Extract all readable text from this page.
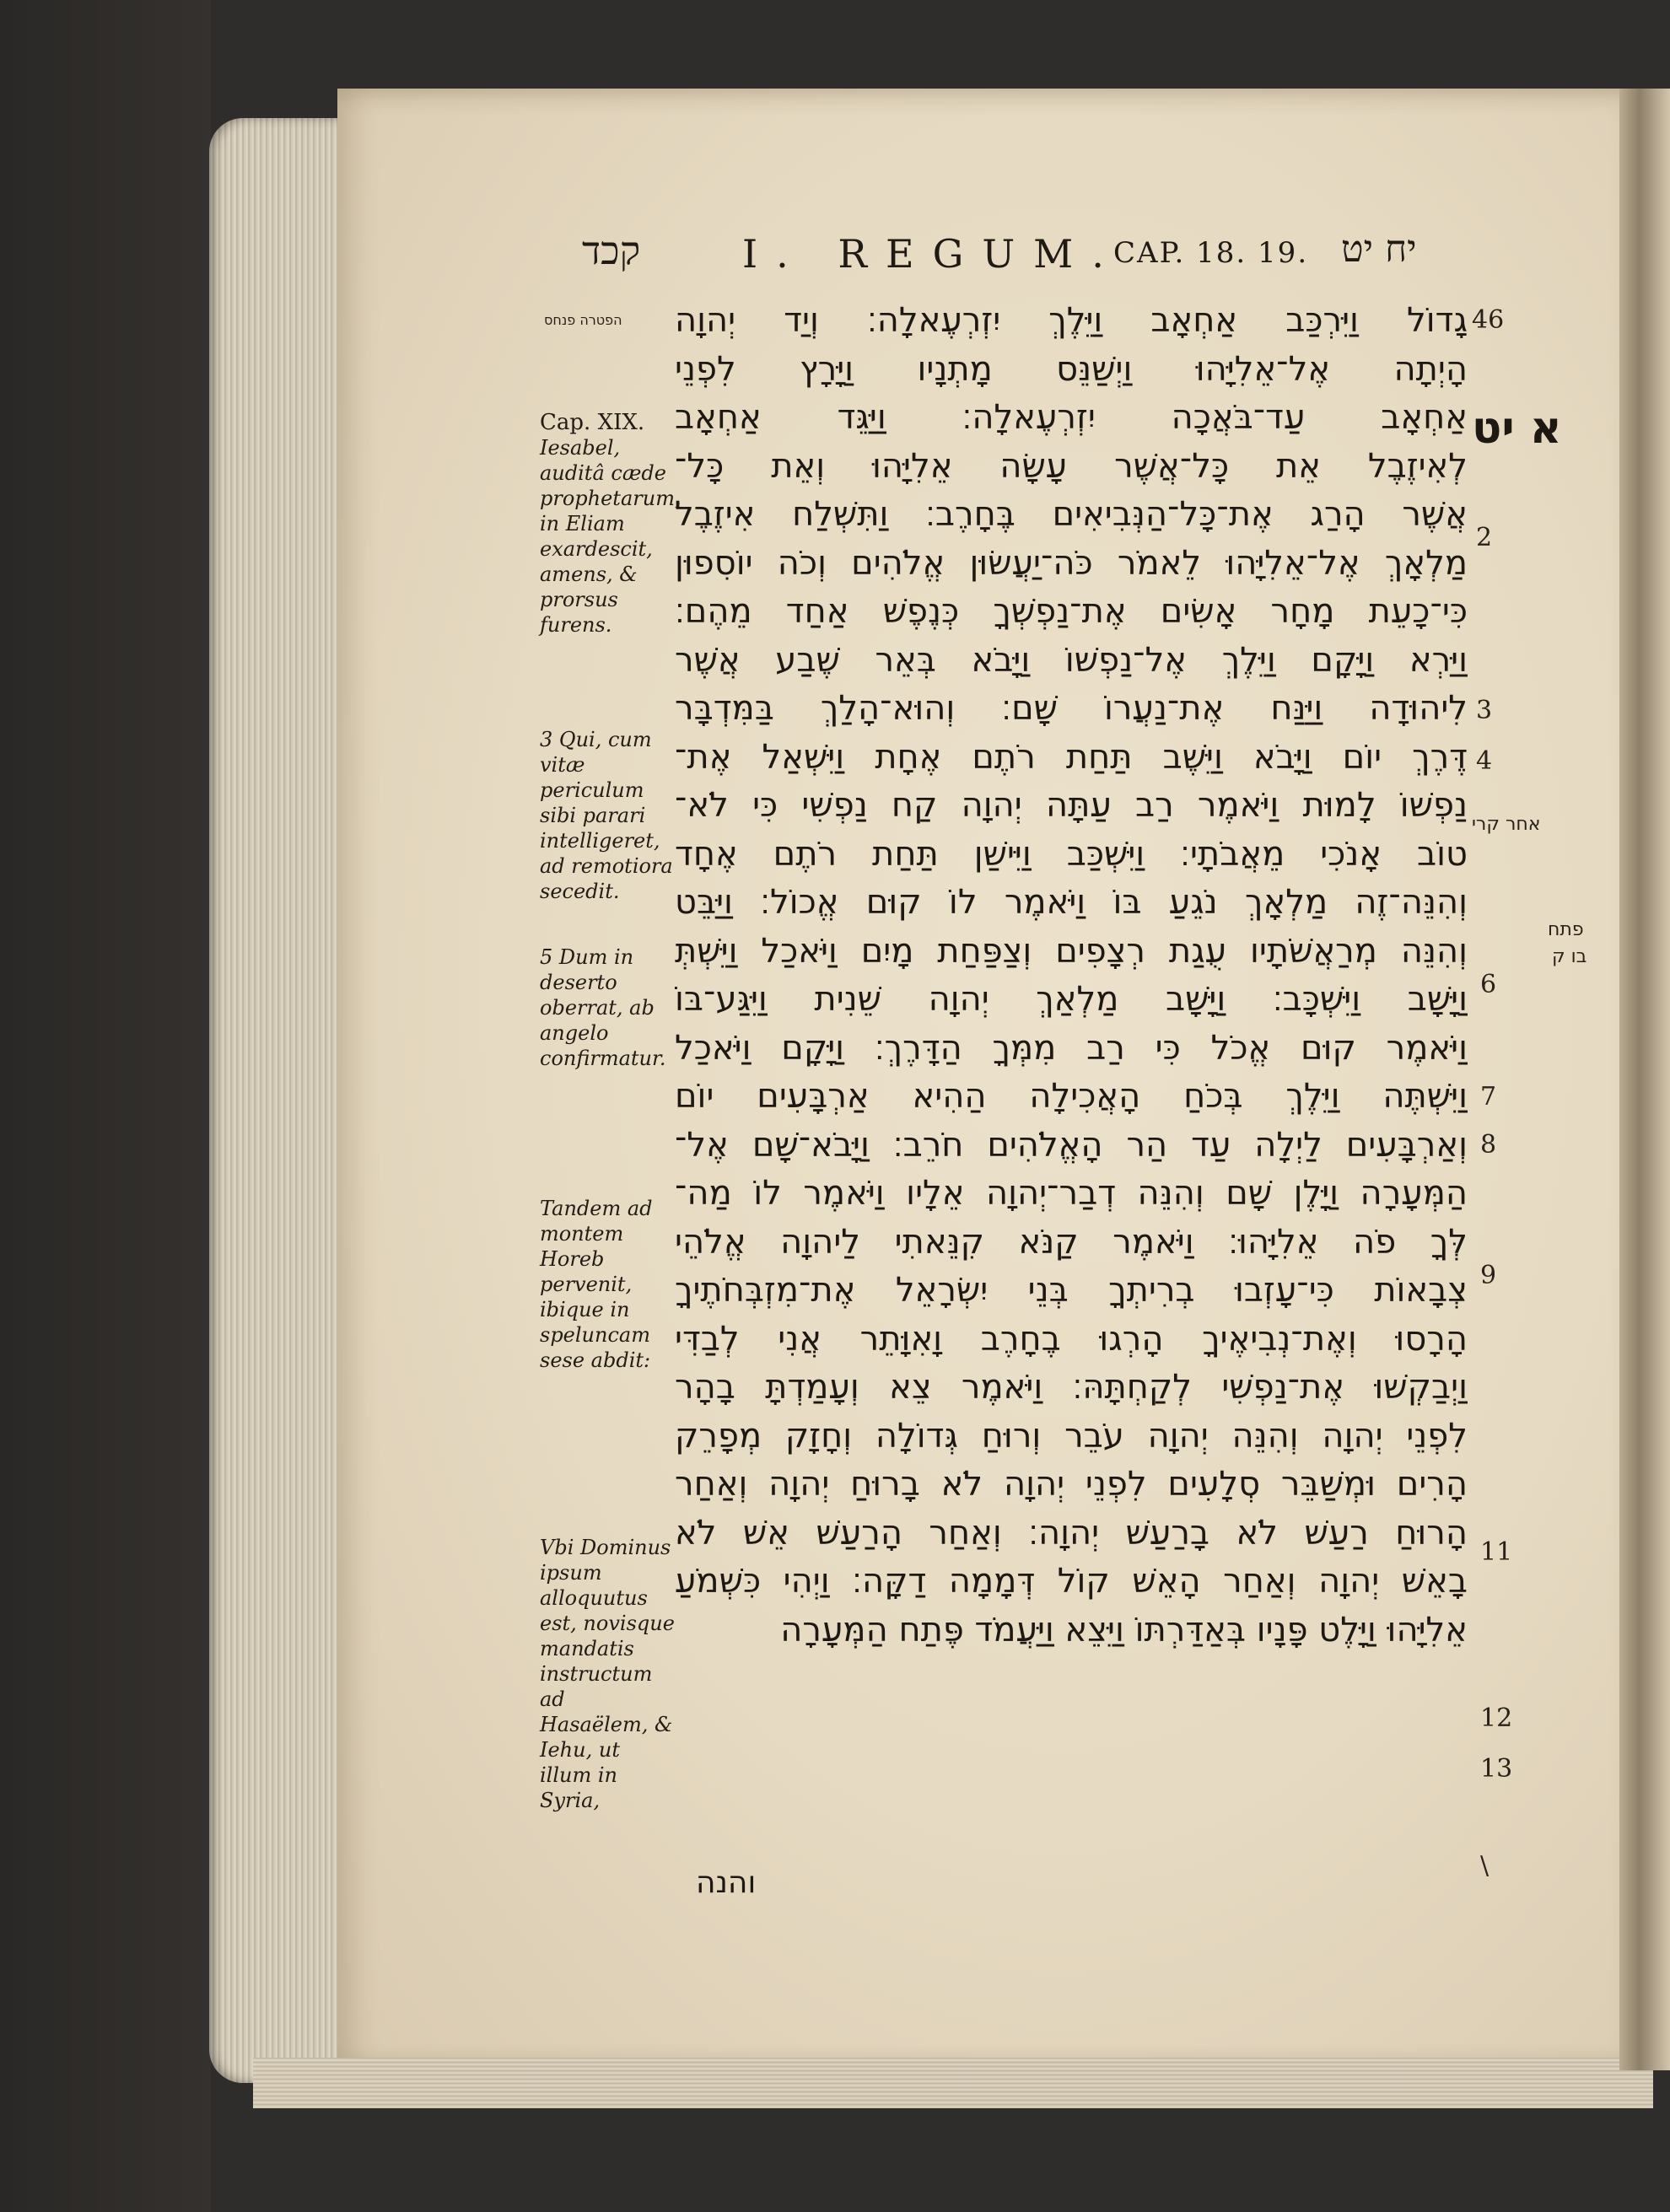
קכד	I. REGUM.
CAP. 18. 19. יח יט
הפטרה פנחס
א יט
גָדוֹל וַיִּרְכַּב אַחְאָב וַיֵּלֶךְ יִזְרְעֶאלָה׃ וְיַד יְהוָה
הָיְתָה אֶל־אֵלִיָּהוּ וַיְשַׁנֵּס מָתְנָיו וַיָּרָץ לִפְנֵי
אַחְאָב עַד־בֹּאֲכָה יִזְרְעֶאלָה׃ וַיַּגֵּד אַחְאָב
לְאִיזֶבֶל אֵת כָּל־אֲשֶׁר עָשָׂה אֵלִיָּהוּ וְאֵת כָּל־
אֲשֶׁר הָרַג אֶת־כָּל־הַנְּבִיאִים בֶּחָרֶב׃ וַתִּשְׁלַח אִיזֶבֶל
מַלְאָךְ אֶל־אֵלִיָּהוּ לֵאמֹר כֹּה־יַעֲשׂוּן אֱלֹהִים וְכֹה יוֹסִפוּן
כִּי־כָעֵת מָחָר אָשִׂים אֶת־נַפְשְׁךָ כְּנֶפֶשׁ אַחַד מֵהֶם׃
וַיַּרְא וַיָּקָם וַיֵּלֶךְ אֶל־נַפְשׁוֹ וַיָּבֹא בְּאֵר שֶׁבַע אֲשֶׁר
לִיהוּדָה וַיַּנַּח אֶת־נַעֲרוֹ שָׁם׃ וְהוּא־הָלַךְ בַּמִּדְבָּר
דֶּרֶךְ יוֹם וַיָּבֹא וַיֵּשֶׁב תַּחַת רֹתֶם אֶחָת וַיִּשְׁאַל אֶת־
נַפְשׁוֹ לָמוּת וַיֹּאמֶר רַב עַתָּה יְהוָה קַח נַפְשִׁי כִּי לֹא־
טוֹב אָנֹכִי מֵאֲבֹתָי׃ וַיִּשְׁכַּב וַיִּישַׁן תַּחַת רֹתֶם אֶחָד
וְהִנֵּה־זֶה מַלְאָךְ נֹגֵעַ בּוֹ וַיֹּאמֶר לוֹ קוּם אֱכוֹל׃ וַיַּבֵּט
וְהִנֵּה מְרַאֲשֹׁתָיו עֻגַת רְצָפִים וְצַפַּחַת מָיִם וַיֹּאכַל וַיֵּשְׁתְּ
וַיָּשָׁב וַיִּשְׁכָּב׃ וַיָּשָׁב מַלְאַךְ יְהוָה שֵׁנִית וַיִּגַּע־בּוֹ
וַיֹּאמֶר קוּם אֱכֹל כִּי רַב מִמְּךָ הַדָּרֶךְ׃ וַיָּקָם וַיֹּאכַל
וַיִּשְׁתֶּה וַיֵּלֶךְ בְּכֹחַ הָאֲכִילָה הַהִיא אַרְבָּעִים יוֹם
וְאַרְבָּעִים לַיְלָה עַד הַר הָאֱלֹהִים חֹרֵב׃ וַיָּבֹא־שָׁם אֶל־
הַמְּעָרָה וַיָּלֶן שָׁם וְהִנֵּה דְבַר־יְהוָה אֵלָיו וַיֹּאמֶר לוֹ מַה־
לְּךָ פֹה אֵלִיָּהוּ׃ וַיֹּאמֶר קַנֹּא קִנֵּאתִי לַיהוָה אֱלֹהֵי
צְבָאוֹת כִּי־עָזְבוּ בְרִיתְךָ בְּנֵי יִשְׂרָאֵל אֶת־מִזְבְּחֹתֶיךָ
הָרָסוּ וְאֶת־נְבִיאֶיךָ הָרְגוּ בֶחָרֶב וָאִוָּתֵר אֲנִי לְבַדִּי
וַיְבַקְשׁוּ אֶת־נַפְשִׁי לְקַחְתָּהּ׃ וַיֹּאמֶר צֵא וְעָמַדְתָּ בָהָר
לִפְנֵי יְהוָה וְהִנֵּה יְהוָה עֹבֵר וְרוּחַ גְּדוֹלָה וְחָזָק מְפָרֵק
הָרִים וּמְשַׁבֵּר סְלָעִים לִפְנֵי יְהוָה לֹא בָרוּחַ יְהוָה וְאַחַר
הָרוּחַ רַעַשׁ לֹא בָרַעַשׁ יְהוָה׃ וְאַחַר הָרַעַשׁ אֵשׁ לֹא
בָאֵשׁ יְהוָה וְאַחַר הָאֵשׁ קוֹל דְּמָמָה דַקָּה׃ וַיְהִי כִּשְׁמֹעַ
אֵלִיָּהוּ וַיָּלֶט פָּנָיו בְּאַדַּרְתּוֹ וַיֵּצֵא וַיַּעֲמֹד פֶּתַח הַמְּעָרָה
והנה	\
46
2
3
4
6
7
8
9
11
12
13
אחר קרי
פתח
בו ק
Cap. XIX.
Iesabel, auditâ cæde prophetarum, in Eliam exardescit, amens, & prorsus furens.
3 Qui, cum vitæ periculum sibi parari intelligeret, ad remotiora secedit.
5 Dum in deserto oberrat, ab angelo confirmatur.
Tandem ad montem Horeb pervenit, ibique in speluncam sese abdit:
Vbi Dominus ipsum alloquutus est, novisque mandatis instructum ad Hasaëlem, & Iehu, ut illum in Syria,
